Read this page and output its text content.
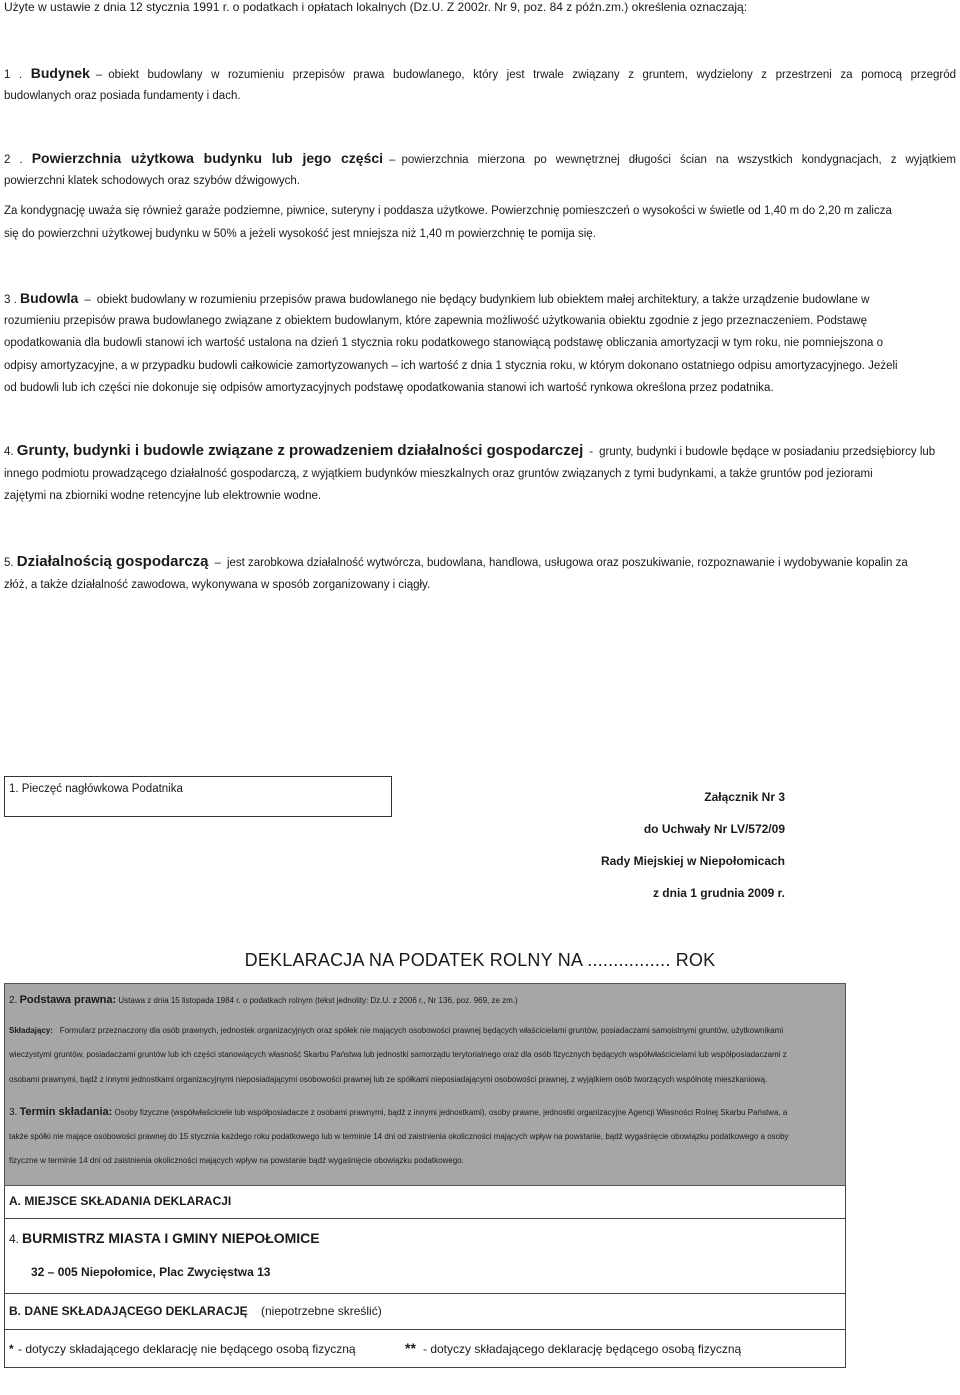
Użyte w ustawie z dnia 12 stycznia 1991 r. o podatkach i opłatach lokalnych (Dz.U. Z 2002r. Nr 9, poz. 84 z późn.zm.) określenia oznaczają:
1 . Budynek – obiekt budowlany w rozumieniu przepisów prawa budowlanego, który jest trwale związany z gruntem, wydzielony z przestrzeni za pomocą przegród
budowlanych oraz posiada fundamenty i dach.
2 . Powierzchnia użytkowa budynku lub jego części – powierzchnia mierzona po wewnętrznej długości ścian na wszystkich kondygnacjach, z wyjątkiem
powierzchni klatek schodowych oraz szybów dźwigowych.
Za kondygnację uważa się również garaże podziemne, piwnice, suteryny i poddasza użytkowe. Powierzchnię pomieszczeń o wysokości w świetle od 1,40 m do 2,20 m zalicza
się do powierzchni użytkowej budynku w 50% a jeżeli wysokość jest mniejsza niż 1,40 m powierzchnię te pomija się.
3 . Budowla – obiekt budowlany w rozumieniu przepisów prawa budowlanego nie będący budynkiem lub obiektem małej architektury, a także urządzenie budowlane w
rozumieniu przepisów prawa budowlanego związane z obiektem budowlanym, które zapewnia możliwość użytkowania obiektu zgodnie z jego przeznaczeniem. Podstawę
opodatkowania dla budowli stanowi ich wartość ustalona na dzień 1 stycznia roku podatkowego stanowiącą podstawę obliczania amortyzacji w tym roku, nie pomniejszona o
odpisy amortyzacyjne, a w przypadku budowli całkowicie zamortyzowanych – ich wartość z dnia 1 stycznia roku, w którym dokonano ostatniego odpisu amortyzacyjnego. Jeżeli
od budowli lub ich części nie dokonuje się odpisów amortyzacyjnych podstawę opodatkowania stanowi ich wartość rynkowa określona przez podatnika.
4. Grunty, budynki i budowle związane z prowadzeniem działalności gospodarczej - grunty, budynki i budowle będące w posiadaniu przedsiębiorcy lub
innego podmiotu prowadzącego działalność gospodarczą, z wyjątkiem budynków mieszkalnych oraz gruntów związanych z tymi budynkami, a także gruntów pod jeziorami
zajętymi na zbiorniki wodne retencyjne lub elektrownie wodne.
5. Działalnością gospodarczą – jest zarobkowa działalność wytwórcza, budowlana, handlowa, usługowa oraz poszukiwanie, rozpoznawanie i wydobywanie kopalin za
złóż, a także działalność zawodowa, wykonywana w sposób zorganizowany i ciągły.
1. Pieczęć nagłówkowa Podatnika
Załącznik Nr 3
do Uchwały Nr LV/572/09
Rady Miejskiej w Niepołomicach
z dnia 1 grudnia 2009 r.
DEKLARACJA NA PODATEK ROLNY NA ................ ROK
2. Podstawa prawna: Ustawa z dnia 15 listopada 1984 r. o podatkach rolnym (tekst jednolity: Dz.U. z 2006 r., Nr 136, poz. 969, ze zm.)
Składający: Formularz przeznaczony dla osób prawnych, jednostek organizacyjnych oraz spółek nie mających osobowości prawnej będących właścicielami gruntów, posiadaczami samoistnymi gruntów, użytkownikami
wieczystymi gruntów, posiadaczami gruntów lub ich części stanowiących własność Skarbu Państwa lub jednostki samorządu terytorialnego oraz dla osób fizycznych będących współwłaścicielami lub współposiadaczami z
osobami prawnymi, bądź z innymi jednostkami organizacyjnymi nieposiadającymi osobowości prawnej lub ze spółkami nieposiadającymi osobowości prawnej, z wyjątkiem osób tworzących wspólnotę mieszkaniową.
3. Termin składania: Osoby fizyczne (współwłaściciele lub współposiadacze z osobami prawnymi, bądź z innymi jednostkami), osoby prawne, jednostki organizacyjne Agencji Własności Rolnej Skarbu Państwa, a
także spółki nie mające osobowości prawnej do 15 stycznia każdego roku podatkowego lub w terminie 14 dni od zaistnienia okoliczności mających wpływ na powstanie, bądź wygaśnięcie obowiązku podatkowego a osoby
fizyczne w terminie 14 dni od zaistnienia okoliczności mających wpływ na powstanie bądź wygaśnięcie obowiązku podatkowego.
A. MIEJSCE SKŁADANIA DEKLARACJI
4. BURMISTRZ MIASTA I GMINY NIEPOŁOMICE
32 – 005 Niepołomice, Plac Zwycięstwa 13
B. DANE SKŁADAJĄCEGO DEKLARACJĘ (niepotrzebne skreślić)
* - dotyczy składającego deklarację nie będącego osobą fizyczną	** - dotyczy składającego deklarację będącego osobą fizyczną
